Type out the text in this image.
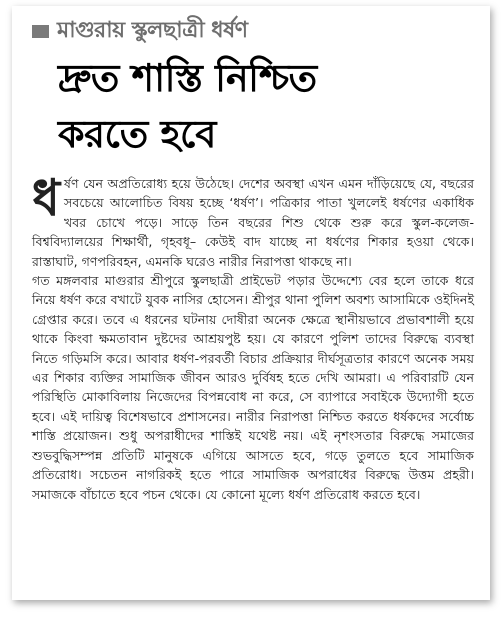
মাগুরায় স্কুলছাত্রী ধর্ষণ
দ্রুত শাস্তি নিশ্চিত
করতে হবে

ধর্ষণ যেন অপ্রতিরোধ্য হয়ে উঠেছে। দেশের অবস্থা এখন এমন দাঁড়িয়েছে যে, বছরের সবচেয়ে আলোচিত বিষয় হচ্ছে ‘ধর্ষণ’। পত্রিকার পাতা খুললেই ধর্ষণের একাধিক খবর চোখে পড়ে। সাড়ে তিন বছরের শিশু থেকে শুরু করে স্কুল-কলেজ-বিশ্ববিদ্যালয়ের শিক্ষার্থী, গৃহবধূ– কেউই বাদ যাচ্ছে না ধর্ষণের শিকার হওয়া থেকে। রাস্তাঘাট, গণপরিবহন, এমনকি ঘরেও নারীর নিরাপত্তা থাকছে না।

গত মঙ্গলবার মাগুরার শ্রীপুরে স্কুলছাত্রী প্রাইভেট পড়ার উদ্দেশ্যে বের হলে তাকে ধরে নিয়ে ধর্ষণ করে বখাটে যুবক নাসির হোসেন। শ্রীপুর থানা পুলিশ অবশ্য আসামিকে ওইদিনই গ্রেপ্তার করে। তবে এ ধরনের ঘটনায় দোষীরা অনেক ক্ষেত্রে স্থানীয়ভাবে প্রভাবশালী হয়ে থাকে কিংবা ক্ষমতাবান দুষ্টদের আশ্রয়পুষ্ট হয়। যে কারণে পুলিশ তাদের বিরুদ্ধে ব্যবস্থা নিতে গড়িমসি করে। আবার ধর্ষণ-পরবর্তী বিচার প্রক্রিয়ার দীর্ঘসূত্রতার কারণে অনেক সময় এর শিকার ব্যক্তির সামাজিক জীবন আরও দুর্বিষহ হতে দেখি আমরা। এ পরিবারটি যেন পরিস্থিতি মোকাবিলায় নিজেদের বিপন্নবোধ না করে, সে ব্যাপারে সবাইকে উদ্যোগী হতে হবে। এই দায়িত্ব বিশেষভাবে প্রশাসনের। নারীর নিরাপত্তা নিশ্চিত করতে ধর্ষকদের সর্বোচ্চ শাস্তি প্রয়োজন। শুধু অপরাধীদের শাস্তিই যথেষ্ট নয়। এই নৃশংসতার বিরুদ্ধে সমাজের শুভবুদ্ধিসম্পন্ন প্রতিটি মানুষকে এগিয়ে আসতে হবে, গড়ে তুলতে হবে সামাজিক প্রতিরোধ। সচেতন নাগরিকই হতে পারে সামাজিক অপরাধের বিরুদ্ধে উত্তম প্রহরী। সমাজকে বাঁচাতে হবে পচন থেকে। যে কোনো মূল্যে ধর্ষণ প্রতিরোধ করতে হবে।
